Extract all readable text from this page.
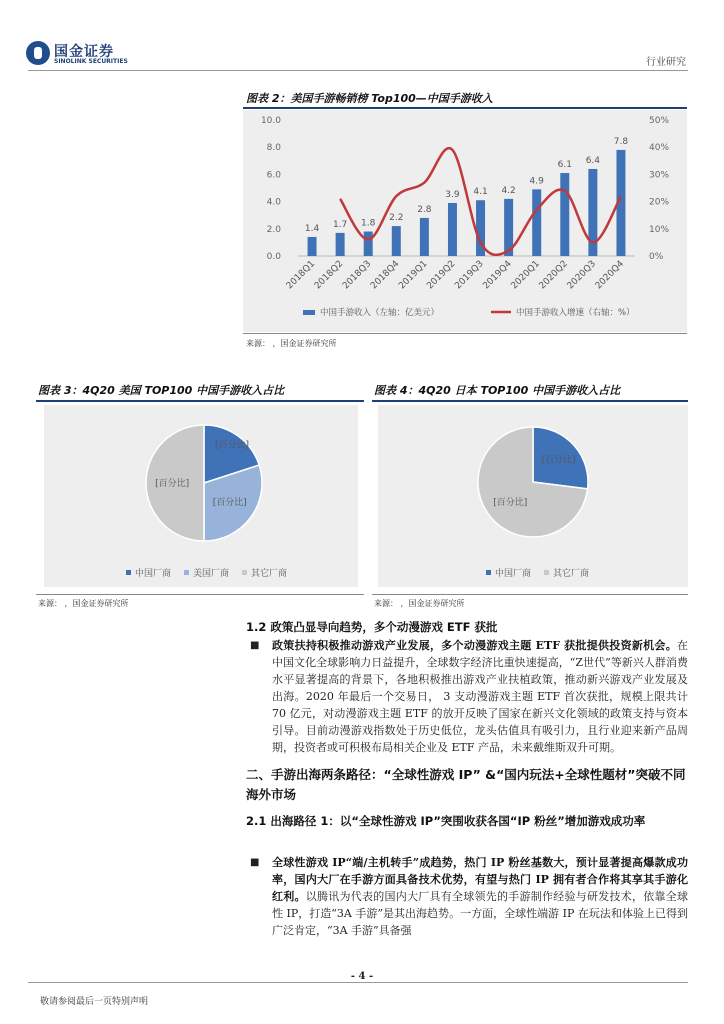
国金证券
SINOLINK SECURITIES	行业研究
图表 2：美国手游畅销榜 Top100—中国手游收入
0.0
2.0
4.0
6.0
8.0
10.0
0%
10%
20%
30%
40%
50%
1.4
2018Q1
1.7
2018Q2
1.8
2018Q3
2.2
2018Q4
2.8
2019Q1
3.9
2019Q2
4.1
2019Q3
4.2
2019Q4
4.9
2020Q1
6.1
2020Q2
6.4
2020Q3
7.8
2020Q4
中国手游收入（左轴：亿美元）	中国手游收入增速（右轴：%）
来源： ，国金证券研究所
图表 3：4Q20 美国 TOP100 中国手游收入占比
[百分比]
[百分比]
[百分比]
中国厂商 美国厂商 其它厂商
来源： ，国金证券研究所
图表 4：4Q20 日本 TOP100 中国手游收入占比
[百分比]
[百分比]
中国厂商 其它厂商
来源： ，国金证券研究所
1.2 政策凸显导向趋势，多个动漫游戏 ETF 获批
■ 政策扶持积极推动游戏产业发展，多个动漫游戏主题 ETF 获批提供投资新机会。在中国文化全球影响力日益提升，全球数字经济比重快速提高，“Z世代”等新兴人群消费水平显著提高的背景下，各地积极推出游戏产业扶植政策，推动新兴游戏产业发展及出海。2020 年最后一个交易日， 3 支动漫游戏主题 ETF 首次获批，规模上限共计 70 亿元，对动漫游戏主题 ETF 的放开反映了国家在新兴文化领域的政策支持与资本引导。目前动漫游戏指数处于历史低位，龙头估值具有吸引力，且行业迎来新产品周期，投资者或可积极布局相关企业及 ETF 产品，未来戴维斯双升可期。
二、手游出海两条路径：“全球性游戏 IP” &“国内玩法+全球性题材”突破不同海外市场
2.1 出海路径 1：以“全球性游戏 IP”突围收获各国“IP 粉丝”增加游戏成功率
■ 全球性游戏 IP“端/主机转手”成趋势，热门 IP 粉丝基数大，预计显著提高爆款成功率，国内大厂在手游方面具备技术优势，有望与热门 IP 拥有者合作将其享其手游化红利。以腾讯为代表的国内大厂具有全球领先的手游制作经验与研发技术，依靠全球性 IP，打造“3A 手游”是其出海趋势。一方面，全球性端游 IP 在玩法和体验上已得到广泛肯定，“3A 手游”具备强
- 4 -
敬请参阅最后一页特别声明
